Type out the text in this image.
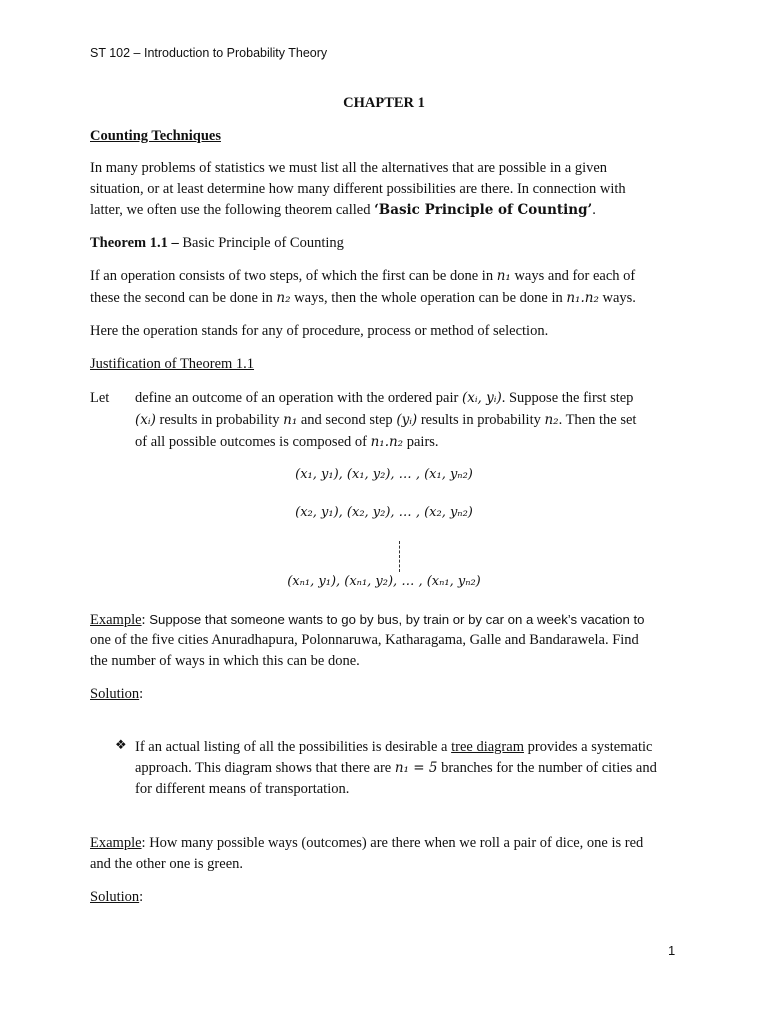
ST 102 – Introduction to Probability Theory
CHAPTER 1
Counting Techniques
In many problems of statistics we must list all the alternatives that are possible in a given
situation, or at least determine how many different possibilities are there. In connection with
latter, we often use the following theorem called ‘Basic Principle of Counting’.
Theorem 1.1 – Basic Principle of Counting
If an operation consists of two steps, of which the first can be done in n₁ ways and for each of
these the second can be done in n₂ ways, then the whole operation can be done in n₁.n₂ ways.
Here the operation stands for any of procedure, process or method of selection.
Justification of Theorem 1.1
Let define an outcome of an operation with the ordered pair (xᵢ, yᵢ). Suppose the first step
(xᵢ) results in probability n₁ and second step (yᵢ) results in probability n₂. Then the set
of all possible outcomes is composed of n₁.n₂ pairs.
(x₁, y₁), (x₁, y₂), … , (x₁, yₙ₂)
(x₂, y₁), (x₂, y₂), … , (x₂, yₙ₂)
(xₙ₁, y₁), (xₙ₁, y₂), … , (xₙ₁, yₙ₂)
Example: Suppose that someone wants to go by bus, by train or by car on a week’s vacation to
one of the five cities Anuradhapura, Polonnaruwa, Katharagama, Galle and Bandarawela. Find
the number of ways in which this can be done.
Solution:
❖ If an actual listing of all the possibilities is desirable a tree diagram provides a systematic
approach. This diagram shows that there are n₁ = 5 branches for the number of cities and
for different means of transportation.
Example: How many possible ways (outcomes) are there when we roll a pair of dice, one is red
and the other one is green.
Solution:
1
